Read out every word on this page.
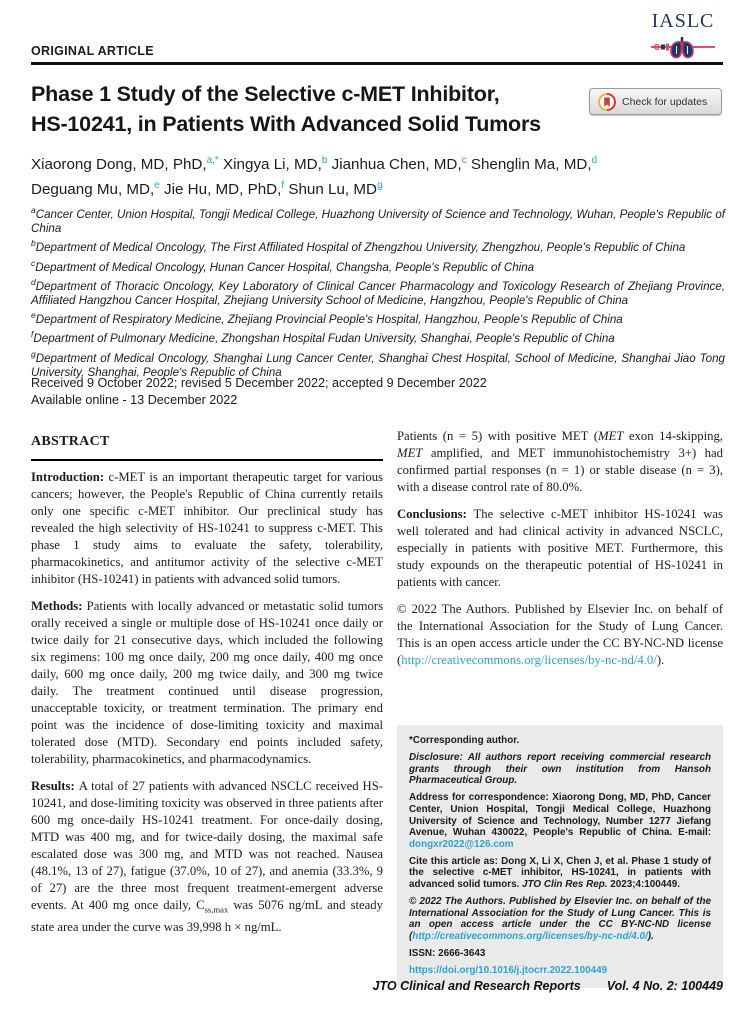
ORIGINAL ARTICLE
IASLC
Phase 1 Study of the Selective c-MET Inhibitor,
HS-10241, in Patients With Advanced Solid Tumors
Check for updates
Xiaorong Dong, MD, PhD,$^{a,*}$ Xingya Li, MD,$^b$ Jianhua Chen, MD,$^c$ Shenglin Ma, MD,$^d$
Deguang Mu, MD,$^e$ Jie Hu, MD, PhD,$^f$ Shun Lu, $MD^g$
$^a$Cancer Center, Union Hospital, Tongji Medical College, Huazhong University of Science and Technology, Wuhan, People's Republic of China
$^b$Department of Medical Oncology, The First Affiliated Hospital of Zhengzhou University, Zhengzhou, People's Republic of China
$^c$Department of Medical Oncology, Hunan Cancer Hospital, Changsha, People's Republic of China
$^d$Department of Thoracic Oncology, Key Laboratory of Clinical Cancer Pharmacology and Toxicology Research of Zhejiang Province, Affiliated Hangzhou Cancer Hospital, Zhejiang University School of Medicine, Hangzhou, People's Republic of China
$^e$Department of Respiratory Medicine, Zhejiang Provincial People's Hospital, Hangzhou, People's Republic of China
$^f$Department of Pulmonary Medicine, Zhongshan Hospital Fudan University, Shanghai, People's Republic of China
$^g$Department of Medical Oncology, Shanghai Lung Cancer Center, Shanghai Chest Hospital, School of Medicine, Shanghai Jiao Tong University, Shanghai, People's Republic of China
Received 9 October 2022; revised 5 December 2022; accepted 9 December 2022
Available online - 13 December 2022
ABSTRACT

Introduction: c-MET is an important therapeutic target for various cancers; however, the People's Republic of China currently retails only one specific c-MET inhibitor. Our preclinical study has revealed the high selectivity of HS-10241 to suppress c-MET. This phase 1 study aims to evaluate the safety, tolerability, pharmacokinetics, and antitumor activity of the selective c-MET inhibitor (HS-10241) in patients with advanced solid tumors.

Methods: Patients with locally advanced or metastatic solid tumors orally received a single or multiple dose of HS-10241 once daily or twice daily for 21 consecutive days, which included the following six regimens: 100 mg once daily, 200 mg once daily, 400 mg once daily, 600 mg once daily, 200 mg twice daily, and 300 mg twice daily. The treatment continued until disease progression, unacceptable toxicity, or treatment termination. The primary end point was the incidence of dose-limiting toxicity and maximal tolerated dose (MTD). Secondary end points included safety, tolerability, pharmacokinetics, and pharmacodynamics.

Results: A total of 27 patients with advanced NSCLC received HS-10241, and dose-limiting toxicity was observed in three patients after 600 mg once-daily HS-10241 treatment. For once-daily dosing, MTD was 400 mg, and for twice-daily dosing, the maximal safe escalated dose was 300 mg, and MTD was not reached. Nausea (48.1%, 13 of 27), fatigue (37.0%, 10 of 27), and anemia (33.3%, 9 of 27) are the three most frequent treatment-emergent adverse events. At 400 mg once daily, $C_{ss,max}$ was 5076 ng/mL and steady state area under the curve was 39,998 h × ng/mL.

Patients (n = 5) with positive MET (MET exon 14-skipping, MET amplified, and MET immunohistochemistry 3+) had confirmed partial responses (n = 1) or stable disease (n = 3), with a disease control rate of 80.0%.

Conclusions: The selective c-MET inhibitor HS-10241 was well tolerated and had clinical activity in advanced NSCLC, especially in patients with positive MET. Furthermore, this study expounds on the therapeutic potential of HS-10241 in patients with cancer.

© 2022 The Authors. Published by Elsevier Inc. on behalf of the International Association for the Study of Lung Cancer. This is an open access article under the CC BY-NC-ND license (http://creativecommons.org/licenses/by-nc-nd/4.0/).

*Corresponding author.

Disclosure: All authors report receiving commercial research grants through their own institution from Hansoh Pharmaceutical Group.

Address for correspondence: Xiaorong Dong, MD, PhD, Cancer Center, Union Hospital, Tongji Medical College, Huazhong University of Science and Technology, Number 1277 Jiefang Avenue, Wuhan 430022, People's Republic of China. E-mail: dongxr2022@126.com

Cite this article as: Dong X, Li X, Chen J, et al. Phase 1 study of the selective c-MET inhibitor, HS-10241, in patients with advanced solid tumors. JTO Clin Res Rep. 2023;4:100449.

© 2022 The Authors. Published by Elsevier Inc. on behalf of the International Association for the Study of Lung Cancer. This is an open access article under the CC BY-NC-ND license (http://creativecommons.org/licenses/by-nc-nd/4.0/).

ISSN: 2666-3643

https://doi.org/10.1016/j.jtocrr.2022.100449

JTO Clinical and Research Reports Vol. 4 No. 2: 100449
